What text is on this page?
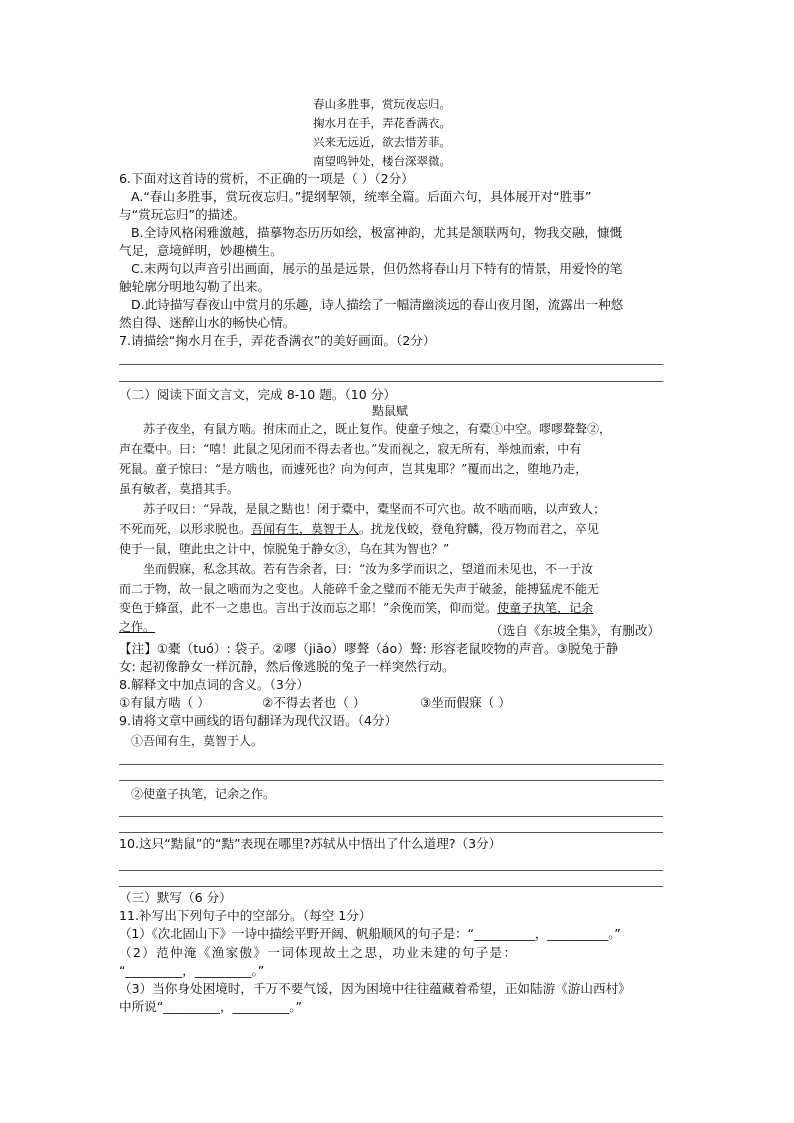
春山多胜事，赏玩夜忘归。
掬水月在手，弄花香满衣。
兴来无远近，欲去惜芳菲。
南望鸣钟处，楼台深翠微。
6.下面对这首诗的赏析，不正确的一项是（ ）（2分）
A.“春山多胜事，赏玩夜忘归。”提纲挈领，统率全篇。后面六句，具体展开对“胜事”
与“赏玩忘归”的描述。
B.全诗风格闲雅激越，描摹物态历历如绘，极富神韵，尤其是颔联两句，物我交融，慷慨
气足，意境鲜明，妙趣横生。
C.末两句以声音引出画面，展示的虽是远景，但仍然将春山月下特有的情景，用爱怜的笔
触轮廓分明地勾勒了出来。
D.此诗描写春夜山中赏月的乐趣，诗人描绘了一幅清幽淡远的春山夜月图，流露出一种悠
然自得、迷醉山水的畅快心情。
7.请描绘“掬水月在手，弄花香满衣”的美好画面。（2分）
（二）阅读下面文言文，完成 8-10 题。（10 分）
黠鼠赋
苏子夜坐，有鼠方啮。拊床而止之，既止复作。使童子烛之，有橐①中空。嘐嘐聱聱②，
声在橐中。曰：“嘻！此鼠之见闭而不得去者也。”发而视之，寂无所有，举烛而索，中有
死鼠。童子惊曰：“是方啮也，而遽死也？向为何声，岂其鬼耶？”覆而出之，堕地乃走，
虽有敏者，莫措其手。
苏子叹曰：“异哉，是鼠之黠也！闭于橐中，橐坚而不可穴也。故不啮而啮，以声致人；
不死而死，以形求脱也。吾闻有生，莫智于人。扰龙伐蛟，登龟狩麟，役万物而君之，卒见
使于一鼠，堕此虫之计中，惊脱兔于静女③，乌在其为智也？”
坐而假寐，私念其故。若有告余者，曰：“汝为多学而识之，望道而未见也，不一于汝
而二于物，故一鼠之啮而为之变也。人能碎千金之璧而不能无失声于破釜，能搏猛虎不能无
变色于蜂虿，此不一之患也。言出于汝而忘之耶！”余俛而笑，仰而觉。使童子执笔，记余
之作。	（选自《东坡全集》，有删改）
【注】①橐（tuó）: 袋子。②嘐（jiāo）嘐聱（áo）聱: 形容老鼠咬物的声音。③脱兔于静
女: 起初像静女一样沉静，然后像逃脱的兔子一样突然行动。
8.解释文中加点词的含义。（3分）
①有鼠方啮（ ）	②不得去者也（ ）	③坐而假寐（ ）
9.请将文章中画线的语句翻译为现代汉语。（4分）
①吾闻有生，莫智于人。
②使童子执笔，记余之作。
10.这只“黠鼠”的“黠”表现在哪里?苏轼从中悟出了什么道理?（3分）
（三）默写（6 分）
11.补写出下列句子中的空部分。（每空 1分）
（1）《次北固山下》一诗中描绘平野开阔、帆船顺风的句子是：“__________，__________。”
（2）范仲淹《渔家傲》一词体现故土之思，功业未建的句子是：
“_________，_________。”
（3）当你身处困境时，千万不要气馁，因为困境中往往蕴藏着希望，正如陆游《游山西村》
中所说“_________，_________。”
